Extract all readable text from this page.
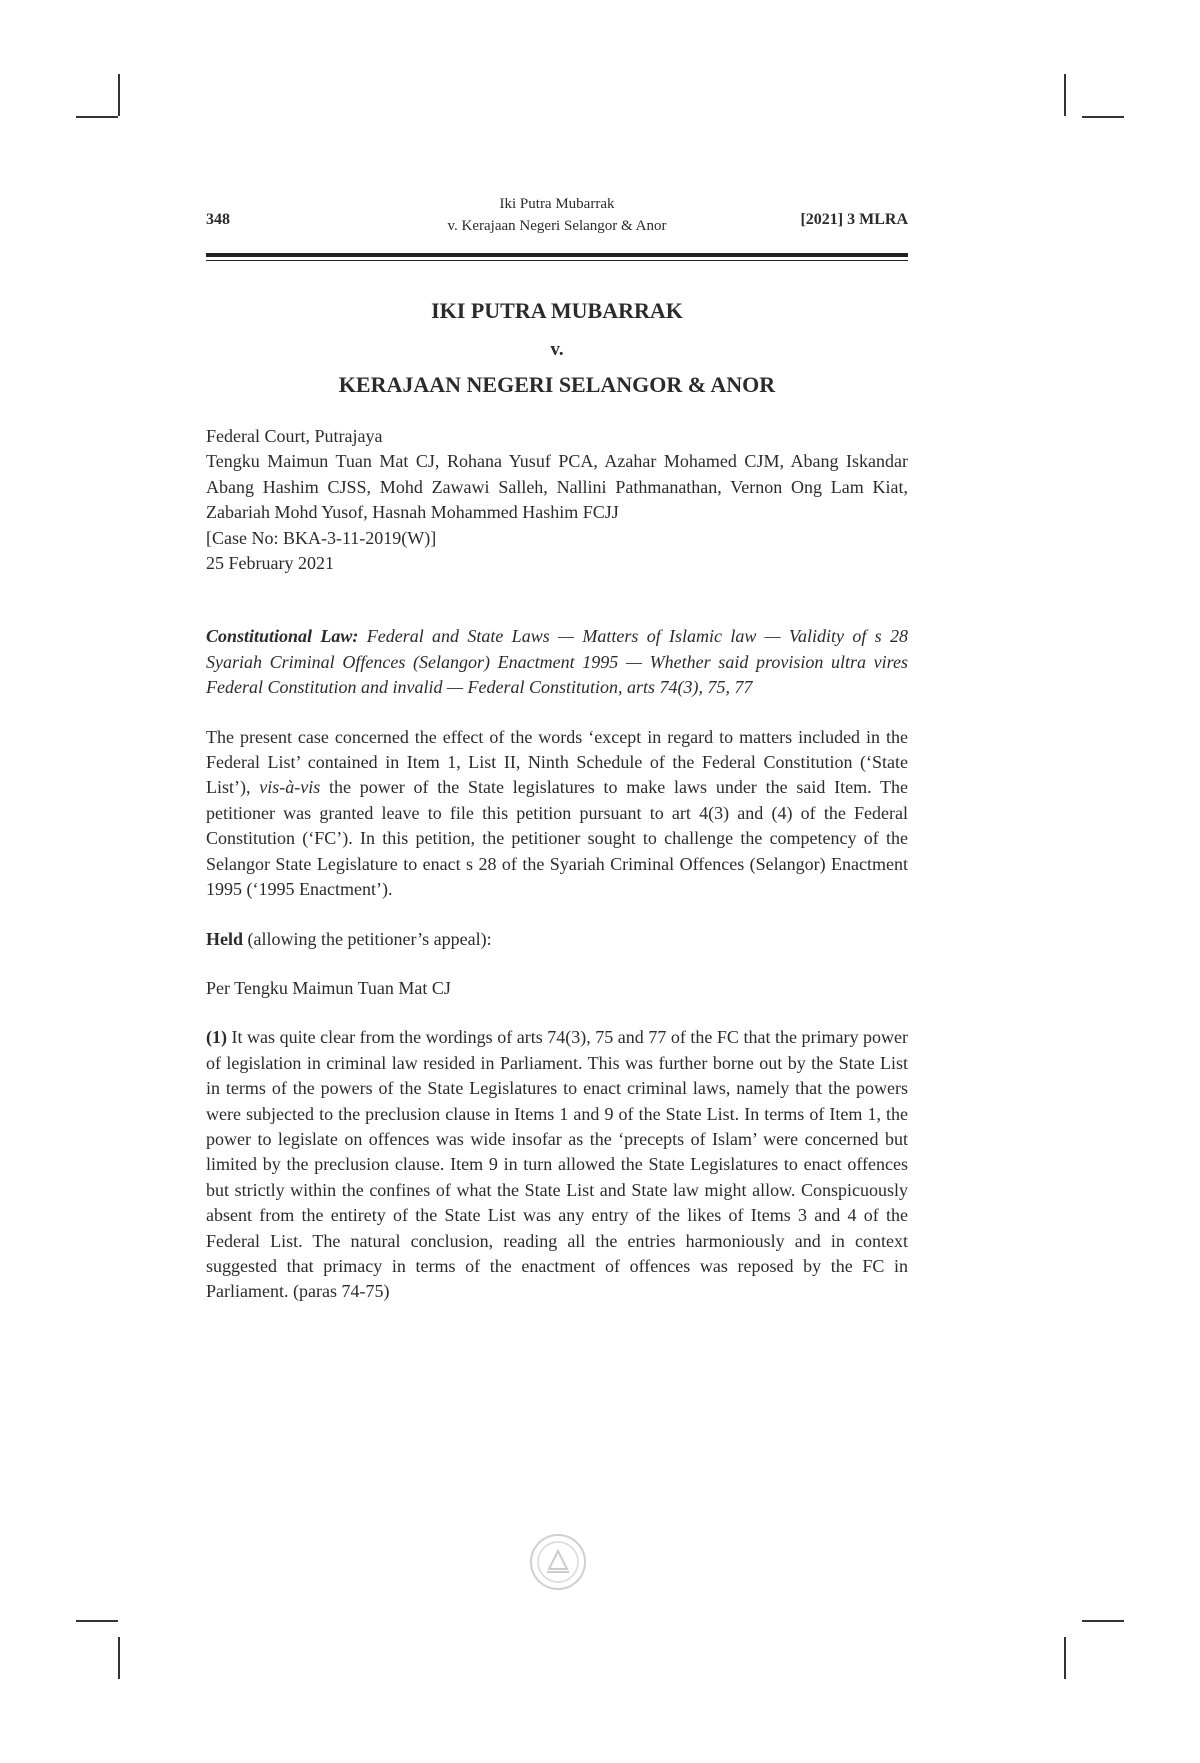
348
Iki Putra Mubarrak
v. Kerajaan Negeri Selangor & Anor	[2021] 3 MLRA
IKI PUTRA MUBARRAK
v.
KERAJAAN NEGERI SELANGOR & ANOR

Federal Court, Putrajaya
Tengku Maimun Tuan Mat CJ, Rohana Yusuf PCA, Azahar Mohamed CJM, Abang Iskandar Abang Hashim CJSS, Mohd Zawawi Salleh, Nallini Pathmanathan, Vernon Ong Lam Kiat, Zabariah Mohd Yusof, Hasnah Mohammed Hashim FCJJ
[Case No: BKA-3-11-2019(W)]
25 February 2021

Constitutional Law: Federal and State Laws — Matters of Islamic law — Validity of s 28 Syariah Criminal Offences (Selangor) Enactment 1995 — Whether said provision ultra vires Federal Constitution and invalid — Federal Constitution, arts 74(3), 75, 77

The present case concerned the effect of the words ‘except in regard to matters included in the Federal List’ contained in Item 1, List II, Ninth Schedule of the Federal Constitution (‘State List’), vis-à-vis the power of the State legislatures to make laws under the said Item. The petitioner was granted leave to file this petition pursuant to art 4(3) and (4) of the Federal Constitution (‘FC’). In this petition, the petitioner sought to challenge the competency of the Selangor State Legislature to enact s 28 of the Syariah Criminal Offences (Selangor) Enactment 1995 (‘1995 Enactment’).

Held (allowing the petitioner’s appeal):

Per Tengku Maimun Tuan Mat CJ

(1) It was quite clear from the wordings of arts 74(3), 75 and 77 of the FC that the primary power of legislation in criminal law resided in Parliament. This was further borne out by the State List in terms of the powers of the State Legislatures to enact criminal laws, namely that the powers were subjected to the preclusion clause in Items 1 and 9 of the State List. In terms of Item 1, the power to legislate on offences was wide insofar as the ‘precepts of Islam’ were concerned but limited by the preclusion clause. Item 9 in turn allowed the State Legislatures to enact offences but strictly within the confines of what the State List and State law might allow. Conspicuously absent from the entirety of the State List was any entry of the likes of Items 3 and 4 of the Federal List. The natural conclusion, reading all the entries harmoniously and in context suggested that primacy in terms of the enactment of offences was reposed by the FC in Parliament. (paras 74-75)
